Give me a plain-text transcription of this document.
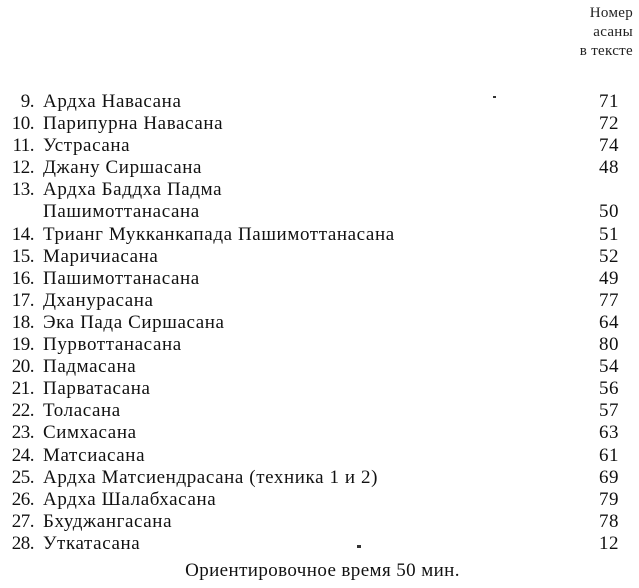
Номер
асаны
в тексте
9. Ардха Навасана	71
10. Парипурна Навасана	72
11. Устрасана	74
12. Джану Сиршасана	48
13. Ардха Баддха Падма
Пашимоттанасана	50
14. Трианг Мукканкапада Пашимоттанасана	51
15. Маричиасана	52
16. Пашимоттанасана	49
17. Дханурасана	77
18. Эка Пада Сиршасана	64
19. Пурвоттанасана	80
20. Падмасана	54
21. Парватасана	56
22. Толасана	57
23. Симхасана	63
24. Матсиасана	61
25. Ардха Матсиендрасана (техника 1 и 2)	69
26. Ардха Шалабхасана	79
27. Бхуджангасана	78
28. Уткатасана	12
Ориентировочное время 50 мин.
